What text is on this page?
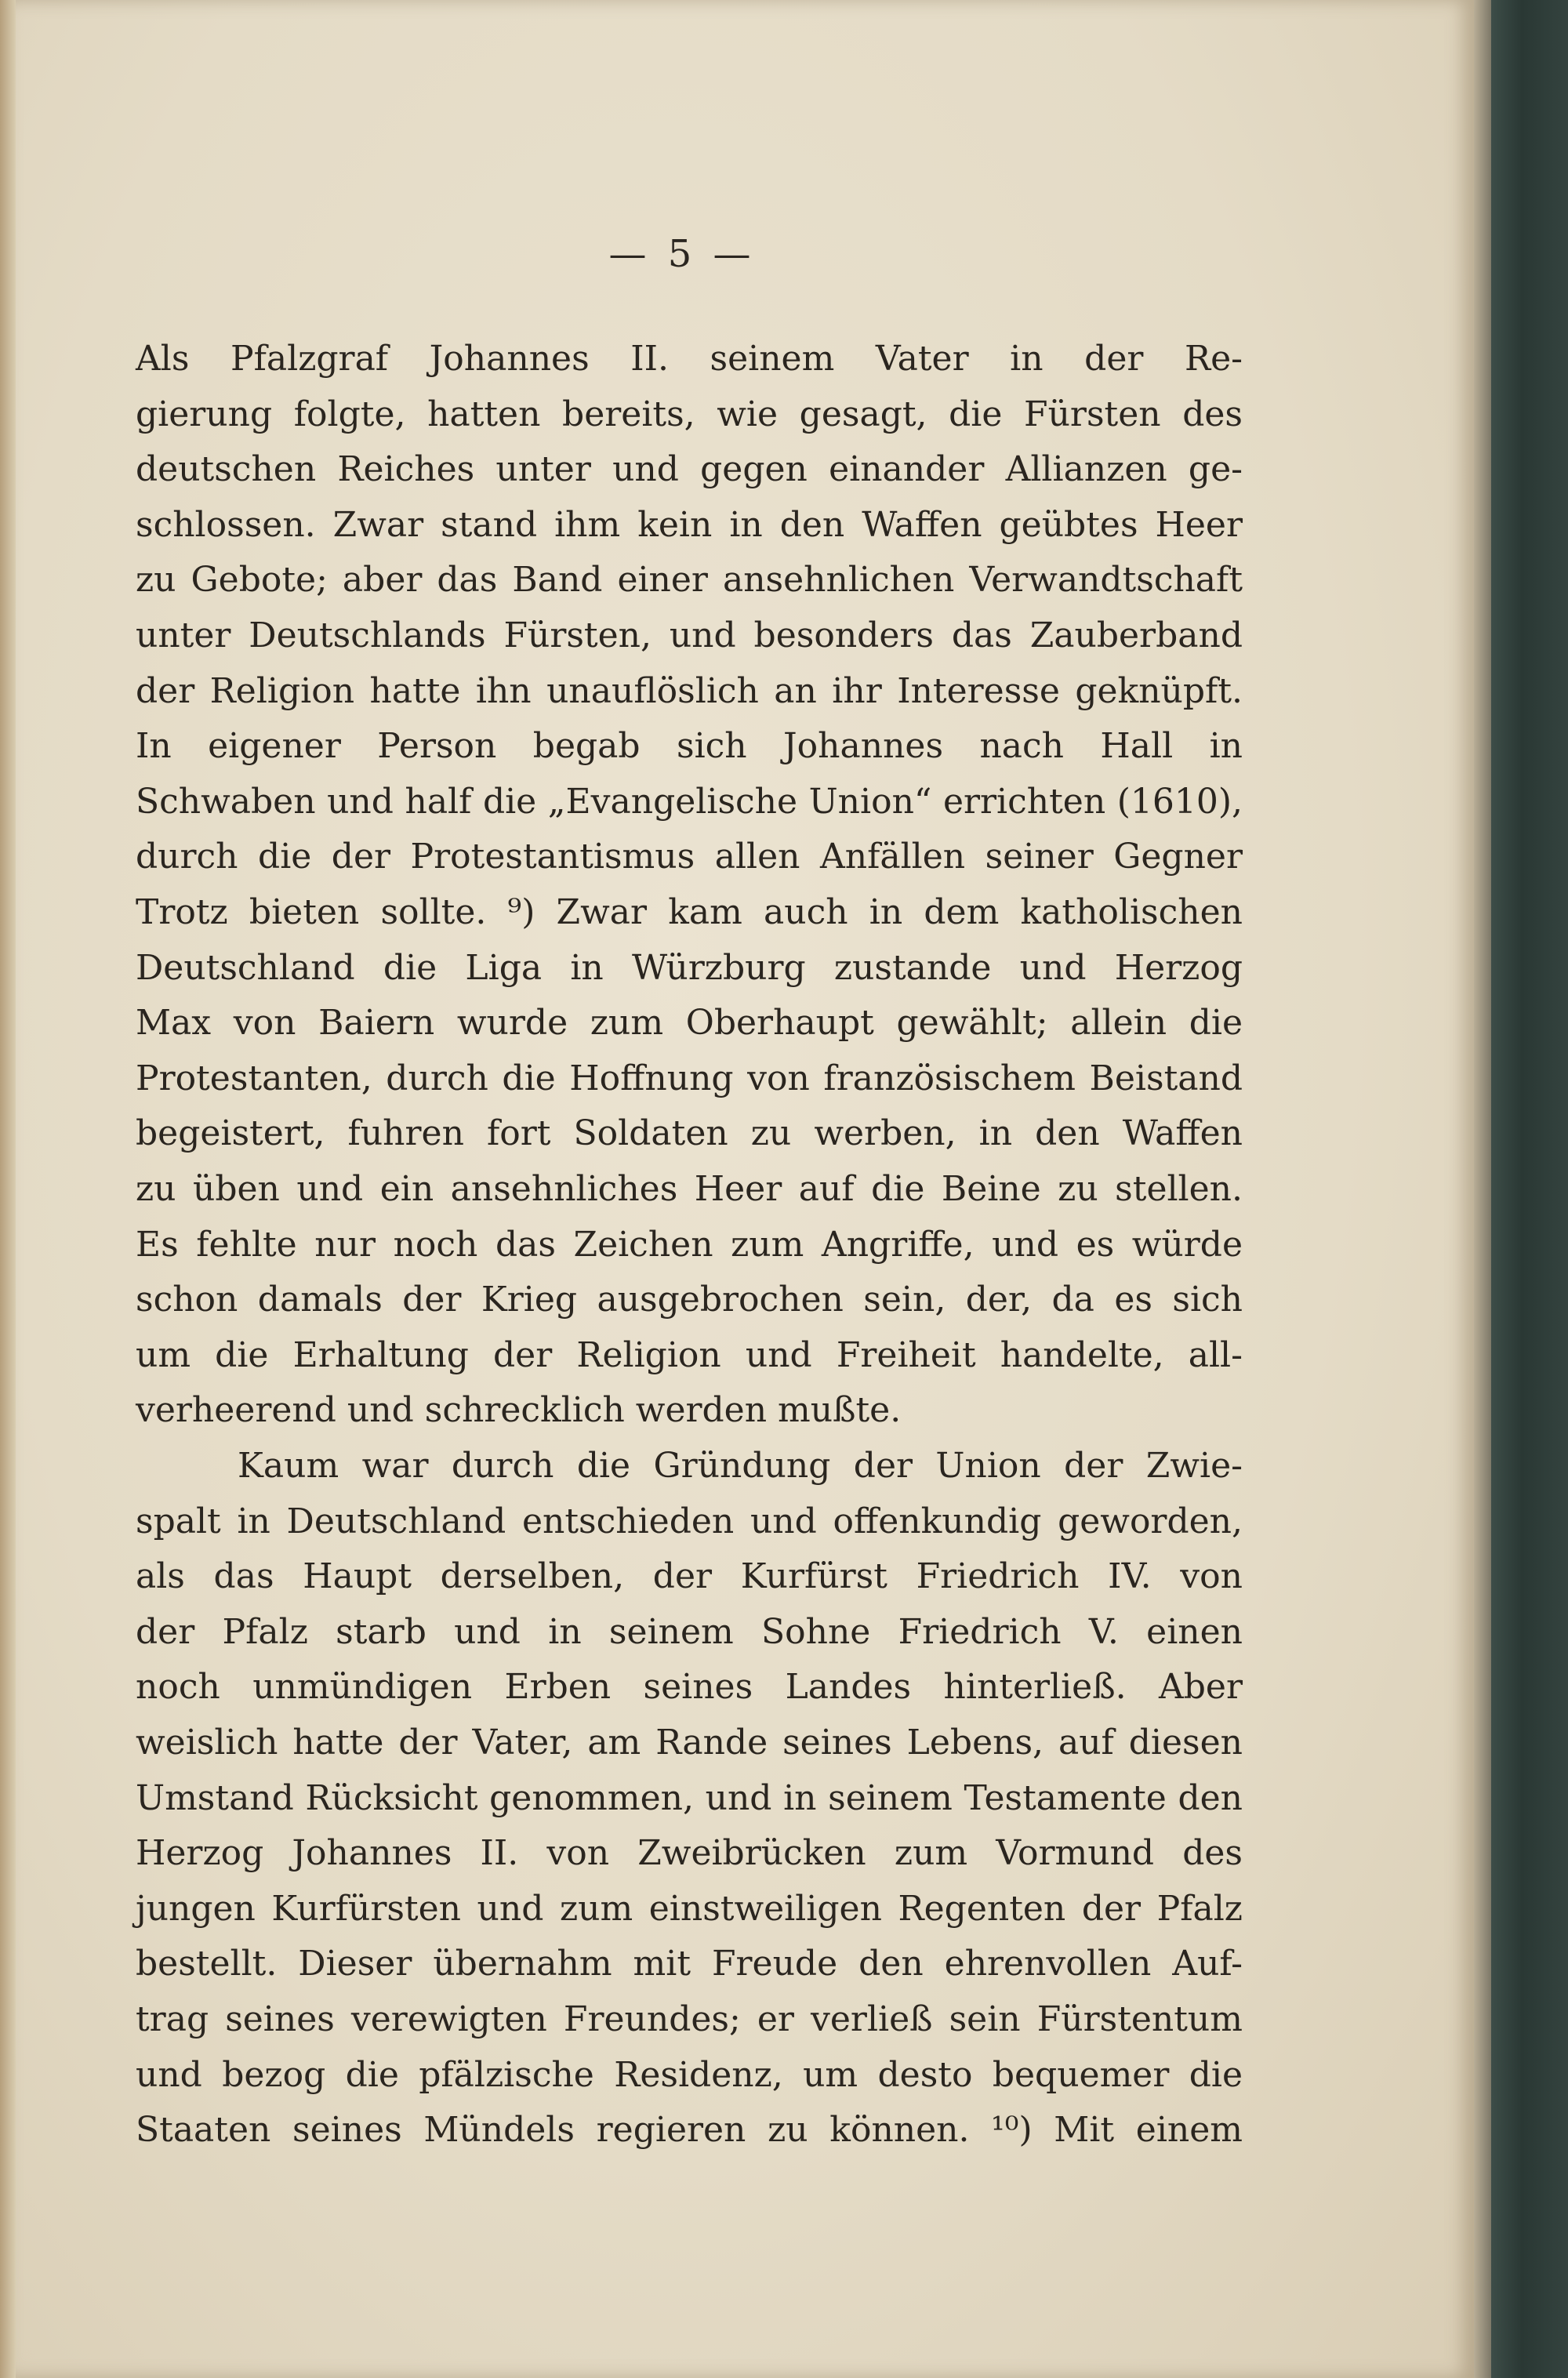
— 5 —
Als Pfalzgraf Johannes II. seinem Vater in der Re-
gierung folgte, hatten bereits, wie gesagt, die Fürsten des
deutschen Reiches unter und gegen einander Allianzen ge-
schlossen. Zwar stand ihm kein in den Waffen geübtes Heer
zu Gebote; aber das Band einer ansehnlichen Verwandtschaft
unter Deutschlands Fürsten, und besonders das Zauberband
der Religion hatte ihn unauflöslich an ihr Interesse geknüpft.
In eigener Person begab sich Johannes nach Hall in
Schwaben und half die „Evangelische Union“ errichten (1610),
durch die der Protestantismus allen Anfällen seiner Gegner
Trotz bieten sollte. ⁹) Zwar kam auch in dem katholischen
Deutschland die Liga in Würzburg zustande und Herzog
Max von Baiern wurde zum Oberhaupt gewählt; allein die
Protestanten, durch die Hoffnung von französischem Beistand
begeistert, fuhren fort Soldaten zu werben, in den Waffen
zu üben und ein ansehnliches Heer auf die Beine zu stellen.
Es fehlte nur noch das Zeichen zum Angriffe, und es würde
schon damals der Krieg ausgebrochen sein, der, da es sich
um die Erhaltung der Religion und Freiheit handelte, all-
verheerend und schrecklich werden mußte.
Kaum war durch die Gründung der Union der Zwie-
spalt in Deutschland entschieden und offenkundig geworden,
als das Haupt derselben, der Kurfürst Friedrich IV. von
der Pfalz starb und in seinem Sohne Friedrich V. einen
noch unmündigen Erben seines Landes hinterließ. Aber
weislich hatte der Vater, am Rande seines Lebens, auf diesen
Umstand Rücksicht genommen, und in seinem Testamente den
Herzog Johannes II. von Zweibrücken zum Vormund des
jungen Kurfürsten und zum einstweiligen Regenten der Pfalz
bestellt. Dieser übernahm mit Freude den ehrenvollen Auf-
trag seines verewigten Freundes; er verließ sein Fürstentum
und bezog die pfälzische Residenz, um desto bequemer die
Staaten seines Mündels regieren zu können. ¹⁰) Mit einem
